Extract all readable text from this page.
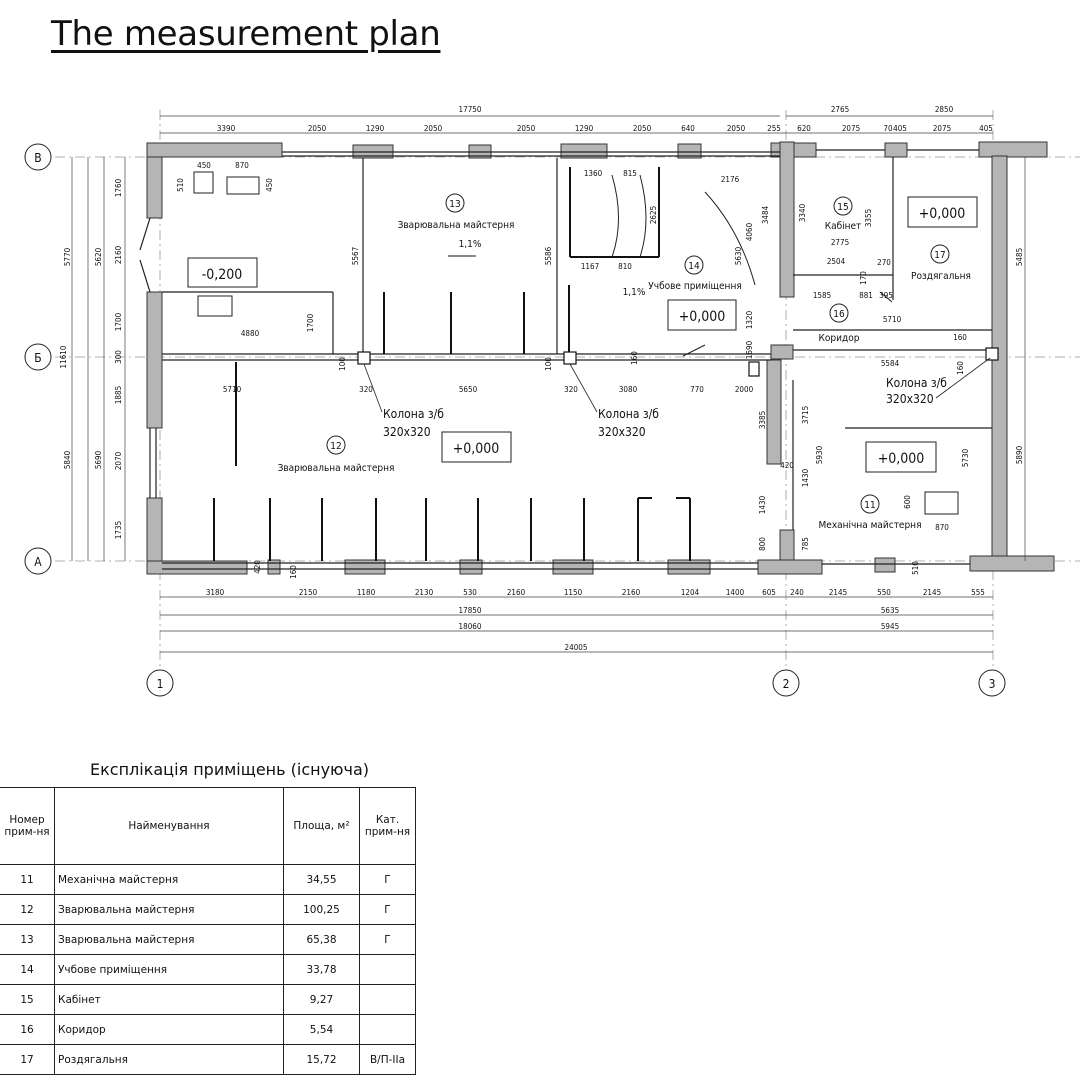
The measurement plan
В
Б
А
1	2	3
17750	2765	2850
3390	2050	1290	2050	2050	1290	2050	640	2050	255 620	2075	70 405	2075	405
3180	2150	1180	2130	530	2160	1150	2160	1204	1400 605 240	2145	550	2145	555
17850	5635
18060	5945
24005
5770
5840
11610
5620
5690
1760
2160
1700
300
1885
2070
1735
5485
5890
450	870
510	450
4880
1700
5567	5586
1360	815
2625
1167 810
2176
5630
4060
3484
1320
1690
3340	3355
2775
2504	270
1585	881 395
5710
160
5584	160
5710	320	5650	320	3080	770	2000
3385	3715
5930
420
1430
5730
1430
785
800
600
870
100	100
420	160
160
170
510
-0,200
+0,000
+0,000
+0,000
+0,000
13
Зварювальна майстерня
1,1%
14
Учбове приміщення
1,1%
15
Кабінет
17
Роздягальня
16
Коридор
12
Зварювальна майстерня
11
Механічна майстерня
Колона з/б
320х320
Колона з/б
320х320
Колона з/б
320х320
Експлікація приміщень (існуюча)
Номер прим-ня	Найменування	Площа, м²	Кат. прим-ня
11	Механічна майстерня	34,55	Г
12	Зварювальна майстерня	100,25	Г
13	Зварювальна майстерня	65,38	Г
14	Учбове приміщення	33,78	
15	Кабінет	9,27	
16	Коридор	5,54	
17	Роздягальня	15,72	В/П-IIa
